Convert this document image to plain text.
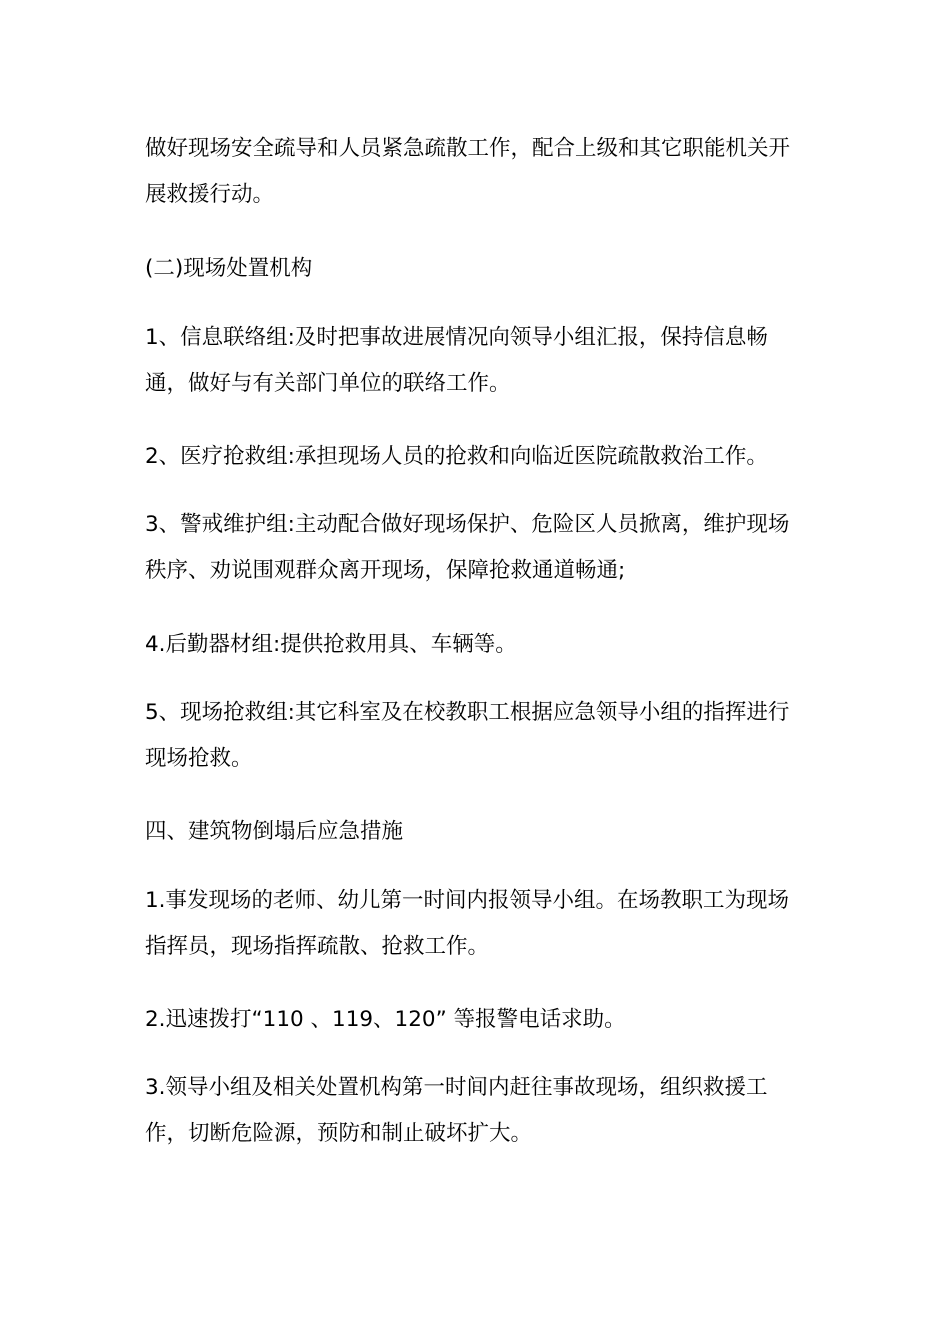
做好现场安全疏导和人员紧急疏散工作，配合上级和其它职能机关开展救援行动。

(二)现场处置机构

1、信息联络组:及时把事故进展情况向领导小组汇报，保持信息畅通，做好与有关部门单位的联络工作。

2、医疗抢救组:承担现场人员的抢救和向临近医院疏散救治工作。

3、警戒维护组:主动配合做好现场保护、危险区人员掀离，维护现场秩序、劝说围观群众离开现场，保障抢救通道畅通;

4.后勤器材组:提供抢救用具、车辆等。

5、现场抢救组:其它科室及在校教职工根据应急领导小组的指挥进行现场抢救。

四、建筑物倒塌后应急措施

1.事发现场的老师、幼儿第一时间内报领导小组。在场教职工为现场指挥员，现场指挥疏散、抢救工作。

2.迅速拨打“110 、119、120” 等报警电话求助。

3.领导小组及相关处置机构第一时间内赶往事故现场，组织救援工作，切断危险源，预防和制止破坏扩大。
